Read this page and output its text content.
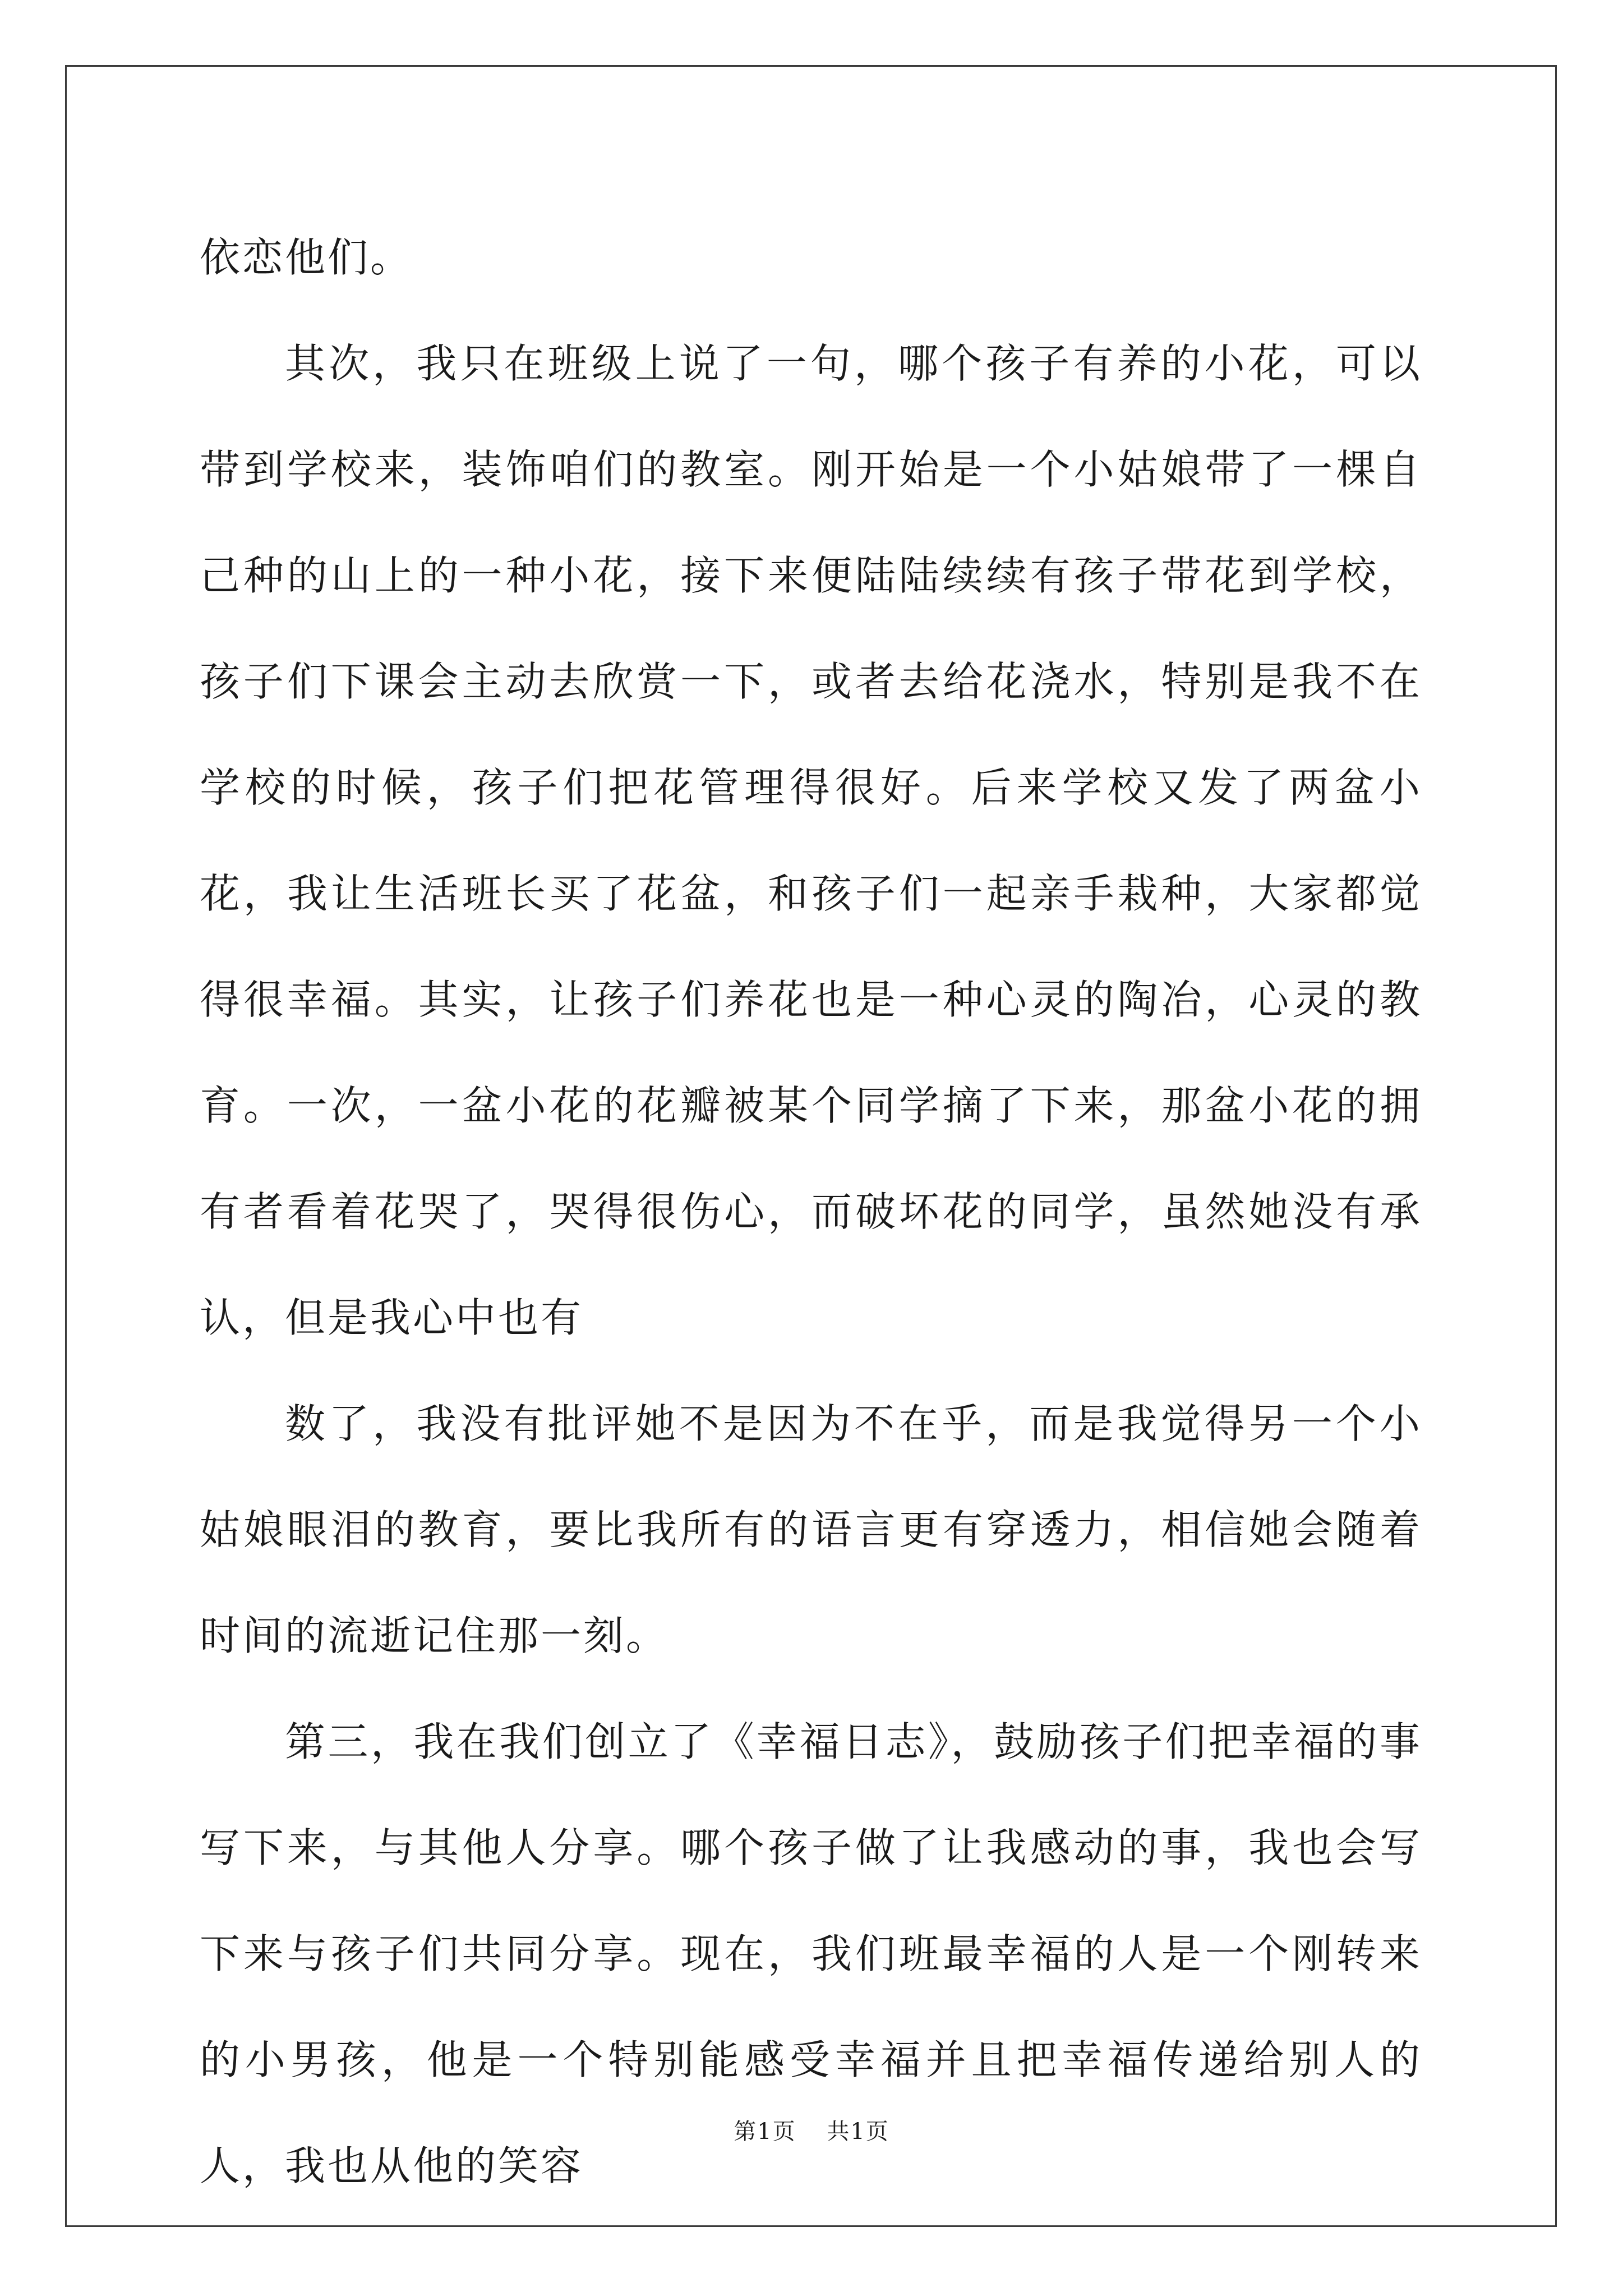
依恋他们。

其次，我只在班级上说了一句，哪个孩子有养的小花，可以带到学校来，装饰咱们的教室。刚开始是一个小姑娘带了一棵自己种的山上的一种小花，接下来便陆陆续续有孩子带花到学校，孩子们下课会主动去欣赏一下，或者去给花浇水，特别是我不在学校的时候，孩子们把花管理得很好。后来学校又发了两盆小花，我让生活班长买了花盆，和孩子们一起亲手栽种，大家都觉得很幸福。其实，让孩子们养花也是一种心灵的陶冶，心灵的教育。一次，一盆小花的花瓣被某个同学摘了下来，那盆小花的拥有者看着花哭了，哭得很伤心，而破坏花的同学，虽然她没有承认，但是我心中也有

数了，我没有批评她不是因为不在乎，而是我觉得另一个小姑娘眼泪的教育，要比我所有的语言更有穿透力，相信她会随着时间的流逝记住那一刻。

第三，我在我们创立了《幸福日志》，鼓励孩子们把幸福的事写下来，与其他人分享。哪个孩子做了让我感动的事，我也会写下来与孩子们共同分享。现在，我们班最幸福的人是一个刚转来的小男孩，他是一个特别能感受幸福并且把幸福传递给别人的人，我也从他的笑容

第1页 共1页
